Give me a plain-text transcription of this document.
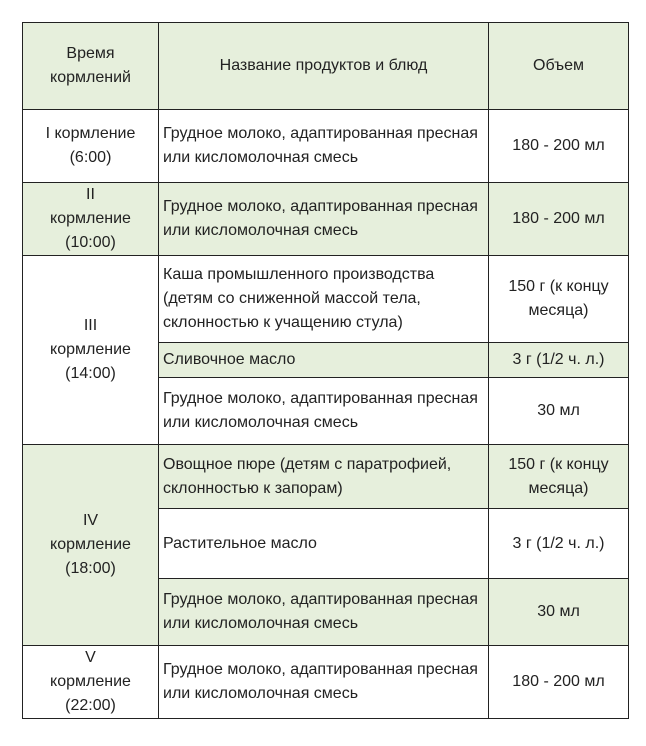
Время кормлений	Название продуктов и блюд	Объем
I кормление (6:00)	Грудное молоко, адаптированная пресная или кисломолочная смесь	180 - 200 мл
II кормление (10:00)	Грудное молоко, адаптированная пресная или кисломолочная смесь	180 - 200 мл
III кормление (14:00)	Каша промышленного производства (детям со сниженной массой тела, склонностью к учащению стула)	150 г (к концу месяца)
	Сливочное масло	3 г (1/2 ч. л.)
	Грудное молоко, адаптированная пресная или кисломолочная смесь	30 мл
IV кормление (18:00)	Овощное пюре (детям с паратрофией, склонностью к запорам)	150 г (к концу месяца)
	Растительное масло	3 г (1/2 ч. л.)
	Грудное молоко, адаптированная пресная или кисломолочная смесь	30 мл
V кормление (22:00)	Грудное молоко, адаптированная пресная или кисломолочная смесь	180 - 200 мл
